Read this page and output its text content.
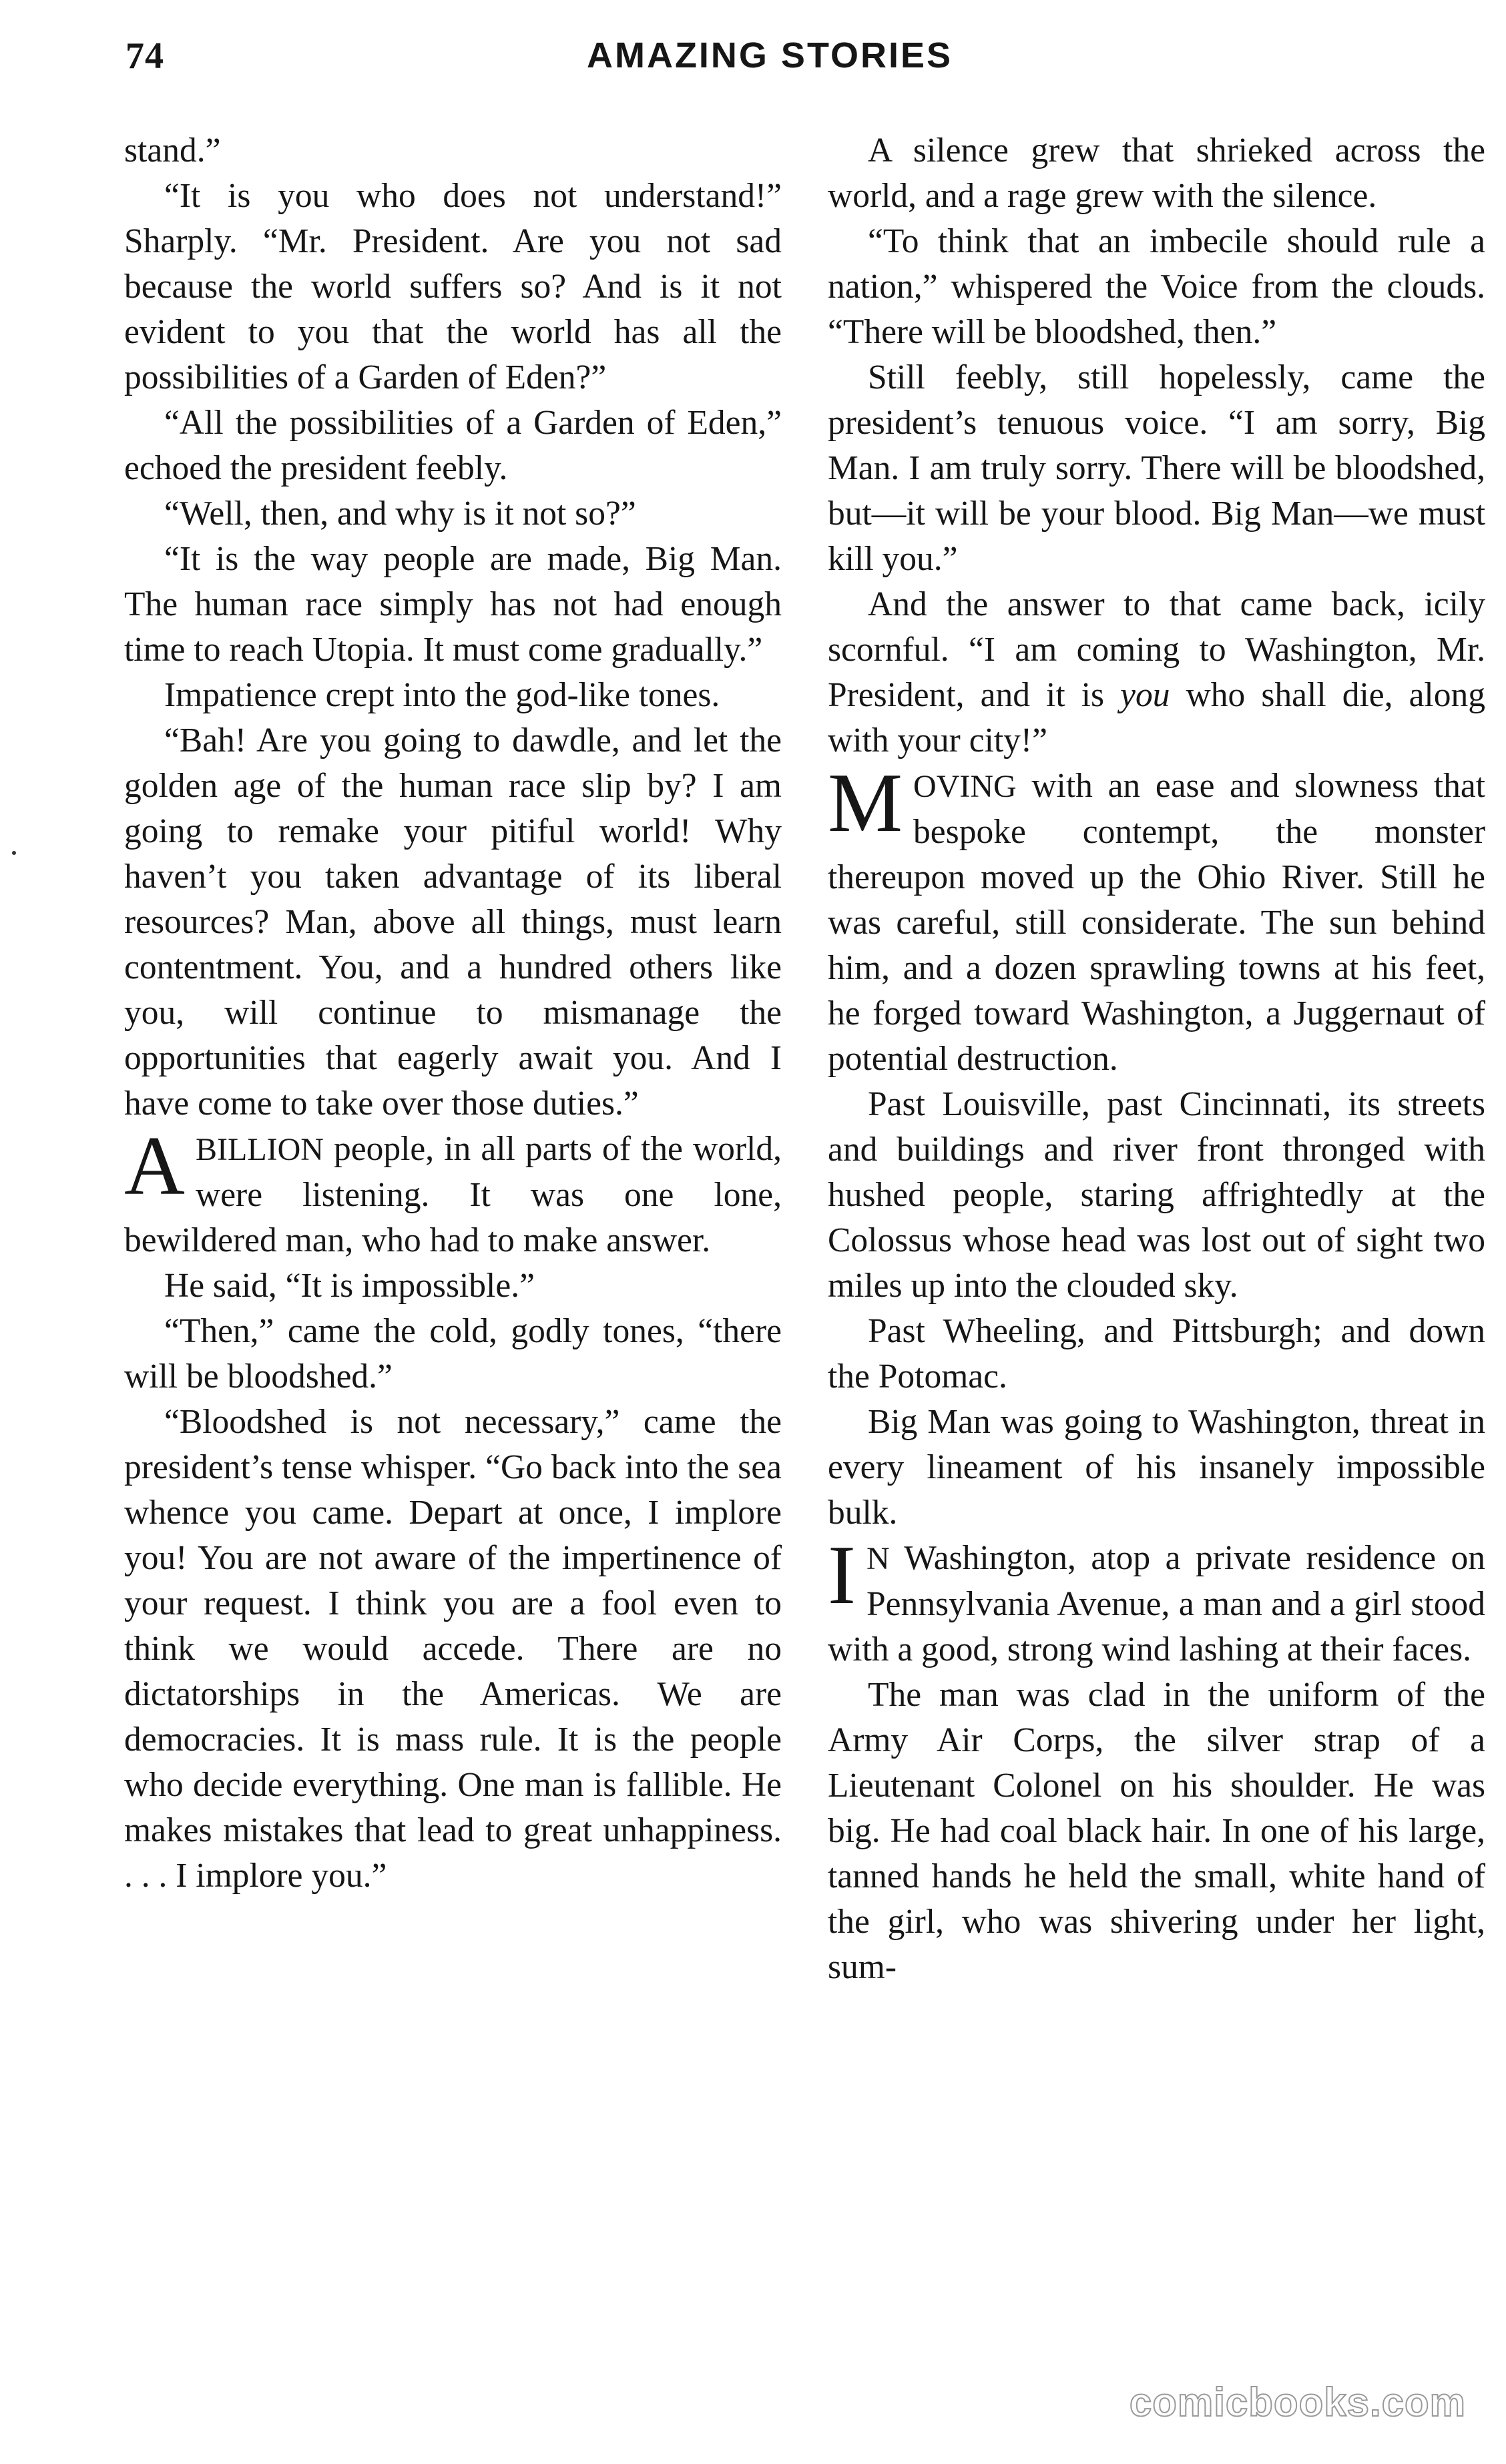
74	AMAZING STORIES

stand.”

“It is you who does not understand!” Sharply. “Mr. President. Are you not sad because the world suffers so? And is it not evident to you that the world has all the possibilities of a Garden of Eden?”

“All the possibilities of a Garden of Eden,” echoed the president feebly.

“Well, then, and why is it not so?”

“It is the way people are made, Big Man. The human race simply has not had enough time to reach Utopia. It must come gradually.”

Impatience crept into the god-like tones.

“Bah! Are you going to dawdle, and let the golden age of the human race slip by? I am going to remake your pitiful world! Why haven’t you taken advantage of its liberal resources? Man, above all things, must learn contentment. You, and a hundred others like you, will continue to mismanage the opportunities that eagerly await you. And I have come to take over those duties.”

ABILLION people, in all parts of the world, were listening. It was one lone, bewildered man, who had to make answer.

He said, “It is impossible.”

“Then,” came the cold, godly tones, “there will be bloodshed.”

“Bloodshed is not necessary,” came the president’s tense whisper. “Go back into the sea whence you came. Depart at once, I implore you! You are not aware of the impertinence of your request. I think you are a fool even to think we would accede. There are no dictatorships in the Americas. We are democracies. It is mass rule. It is the people who decide everything. One man is fallible. He makes mistakes that lead to great unhappiness. . . . I implore you.”

A silence grew that shrieked across the world, and a rage grew with the silence.

“To think that an imbecile should rule a nation,” whispered the Voice from the clouds. “There will be bloodshed, then.”

Still feebly, still hopelessly, came the president’s tenuous voice. “I am sorry, Big Man. I am truly sorry. There will be bloodshed, but—it will be your blood. Big Man—we must kill you.”

And the answer to that came back, icily scornful. “I am coming to Washington, Mr. President, and it is you who shall die, along with your city!”

MOVING with an ease and slowness that bespoke contempt, the monster thereupon moved up the Ohio River. Still he was careful, still considerate. The sun behind him, and a dozen sprawling towns at his feet, he forged toward Washington, a Juggernaut of potential destruction.

Past Louisville, past Cincinnati, its streets and buildings and river front thronged with hushed people, staring affrightedly at the Colossus whose head was lost out of sight two miles up into the clouded sky.

Past Wheeling, and Pittsburgh; and down the Potomac.

Big Man was going to Washington, threat in every lineament of his insanely impossible bulk.

I N Washington, atop a private residence on Pennsylvania Avenue, a man and a girl stood with a good, strong wind lashing at their faces.

The man was clad in the uniform of the Army Air Corps, the silver strap of a Lieutenant Colonel on his shoulder. He was big. He had coal black hair. In one of his large, tanned hands he held the small, white hand of the girl, who was shivering under her light, sum-

comicbooks.com
